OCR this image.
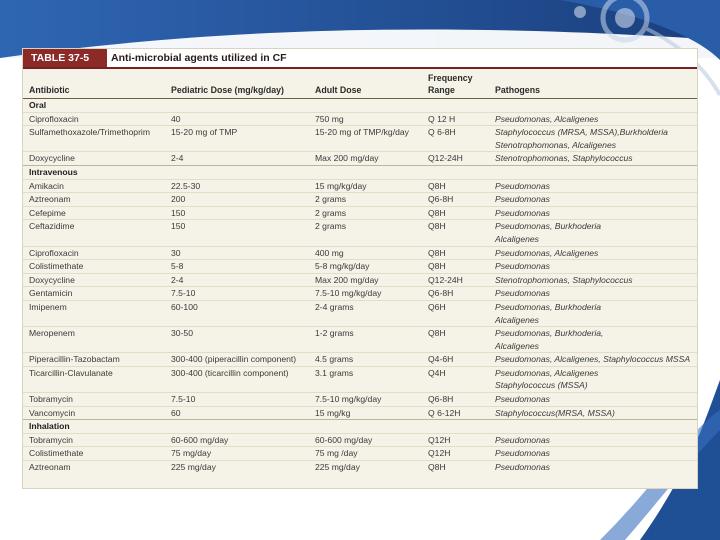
TABLE 37-5	Anti-microbial agents utilized in CF
Antibiotic	Pediatric Dose (mg/kg/day)	Adult Dose	Frequency
Range	Pathogens
Oral				
Ciprofloxacin	40	750 mg	Q 12 H	Pseudomonas, Alcaligenes

Sulfamethoxazole/Trimethoprim	15-20 mg of TMP	15-20 mg of TMP/kg/day	Q 6-8H	Staphylococcus (MRSA, MSSA),Burkholderia
Stenotrophomonas, Alcaligenes

Doxycycline	2-4	Max 200 mg/day	Q12-24H	Stenotrophomonas, Staphylococcus

Intravenous				
Amikacin	22.5-30	15 mg/kg/day	Q8H	Pseudomonas

Aztreonam	200	2 grams	Q6-8H	Pseudomonas

Cefepime	150	2 grams	Q8H	Pseudomonas

Ceftazidime	150	2 grams	Q8H	Pseudomonas, Burkhoderia
Alcaligenes

Ciprofloxacin	30	400 mg	Q8H	Pseudomonas, Alcaligenes

Colistimethate	5-8	5-8 mg/kg/day	Q8H	Pseudomonas

Doxycycline	2-4	Max 200 mg/day	Q12-24H	Stenotrophomonas, Staphylococcus

Gentamicin	7.5-10	7.5-10 mg/kg/day	Q6-8H	Pseudomonas

Imipenem	60-100	2-4 grams	Q6H	Pseudomonas, Burkhoderia
Alcaligenes

Meropenem	30-50	1-2 grams	Q8H	Pseudomonas, Burkhoderia,
Alcaligenes

Piperacillin-Tazobactam	300-400 (piperacillin component)	4.5 grams	Q4-6H	Pseudomonas, Alcaligenes, Staphylococcus MSSA

Ticarcillin-Clavulanate	300-400 (ticarcillin component)	3.1 grams	Q4H	Pseudomonas, Alcaligenes
Staphylococcus (MSSA)

Tobramycin	7.5-10	7.5-10 mg/kg/day	Q6-8H	Pseudomonas

Vancomycin	60	15 mg/kg	Q 6-12H	Staphylococcus(MRSA, MSSA)

Inhalation				
Tobramycin	60-600 mg/day	60-600 mg/day	Q12H	Pseudomonas

Colistimethate	75 mg/day	75 mg /day	Q12H	Pseudomonas

Aztreonam	225 mg/day	225 mg/day	Q8H	Pseudomonas
